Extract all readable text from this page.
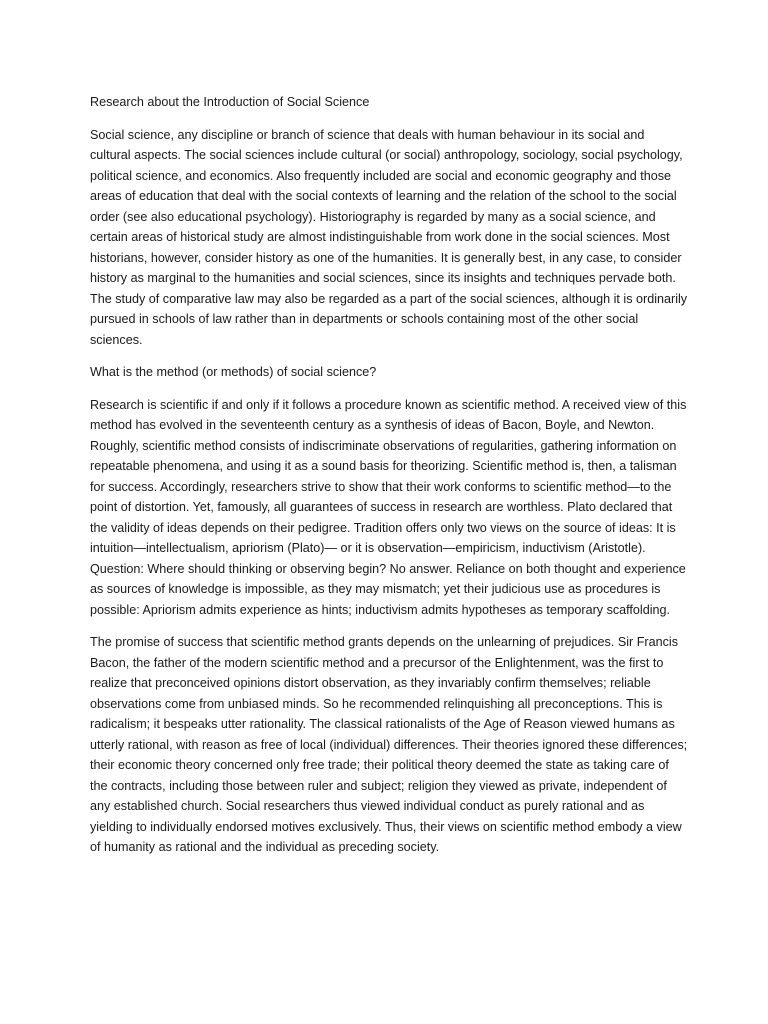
Research about the Introduction of Social Science

Social science, any discipline or branch of science that deals with human behaviour in its social and cultural aspects. The social sciences include cultural (or social) anthropology, sociology, social psychology, political science, and economics. Also frequently included are social and economic geography and those areas of education that deal with the social contexts of learning and the relation of the school to the social order (see also educational psychology). Historiography is regarded by many as a social science, and certain areas of historical study are almost indistinguishable from work done in the social sciences. Most historians, however, consider history as one of the humanities. It is generally best, in any case, to consider history as marginal to the humanities and social sciences, since its insights and techniques pervade both. The study of comparative law may also be regarded as a part of the social sciences, although it is ordinarily pursued in schools of law rather than in departments or schools containing most of the other social sciences.

What is the method (or methods) of social science?

Research is scientific if and only if it follows a procedure known as scientific method. A received view of this method has evolved in the seventeenth century as a synthesis of ideas of Bacon, Boyle, and Newton. Roughly, scientific method consists of indiscriminate observations of regularities, gathering information on repeatable phenomena, and using it as a sound basis for theorizing. Scientific method is, then, a talisman for success. Accordingly, researchers strive to show that their work conforms to scientific method—to the point of distortion. Yet, famously, all guarantees of success in research are worthless. Plato declared that the validity of ideas depends on their pedigree. Tradition offers only two views on the source of ideas: It is intuition—intellectualism, apriorism (Plato)— or it is observation—empiricism, inductivism (Aristotle). Question: Where should thinking or observing begin? No answer. Reliance on both thought and experience as sources of knowledge is impossible, as they may mismatch; yet their judicious use as procedures is possible: Apriorism admits experience as hints; inductivism admits hypotheses as temporary scaffolding.

The promise of success that scientific method grants depends on the unlearning of prejudices. Sir Francis Bacon, the father of the modern scientific method and a precursor of the Enlightenment, was the first to realize that preconceived opinions distort observation, as they invariably confirm themselves; reliable observations come from unbiased minds. So he recommended relinquishing all preconceptions. This is radicalism; it bespeaks utter rationality. The classical rationalists of the Age of Reason viewed humans as utterly rational, with reason as free of local (individual) differences. Their theories ignored these differences; their economic theory concerned only free trade; their political theory deemed the state as taking care of the contracts, including those between ruler and subject; religion they viewed as private, independent of any established church. Social researchers thus viewed individual conduct as purely rational and as yielding to individually endorsed motives exclusively. Thus, their views on scientific method embody a view of humanity as rational and the individual as preceding society.
